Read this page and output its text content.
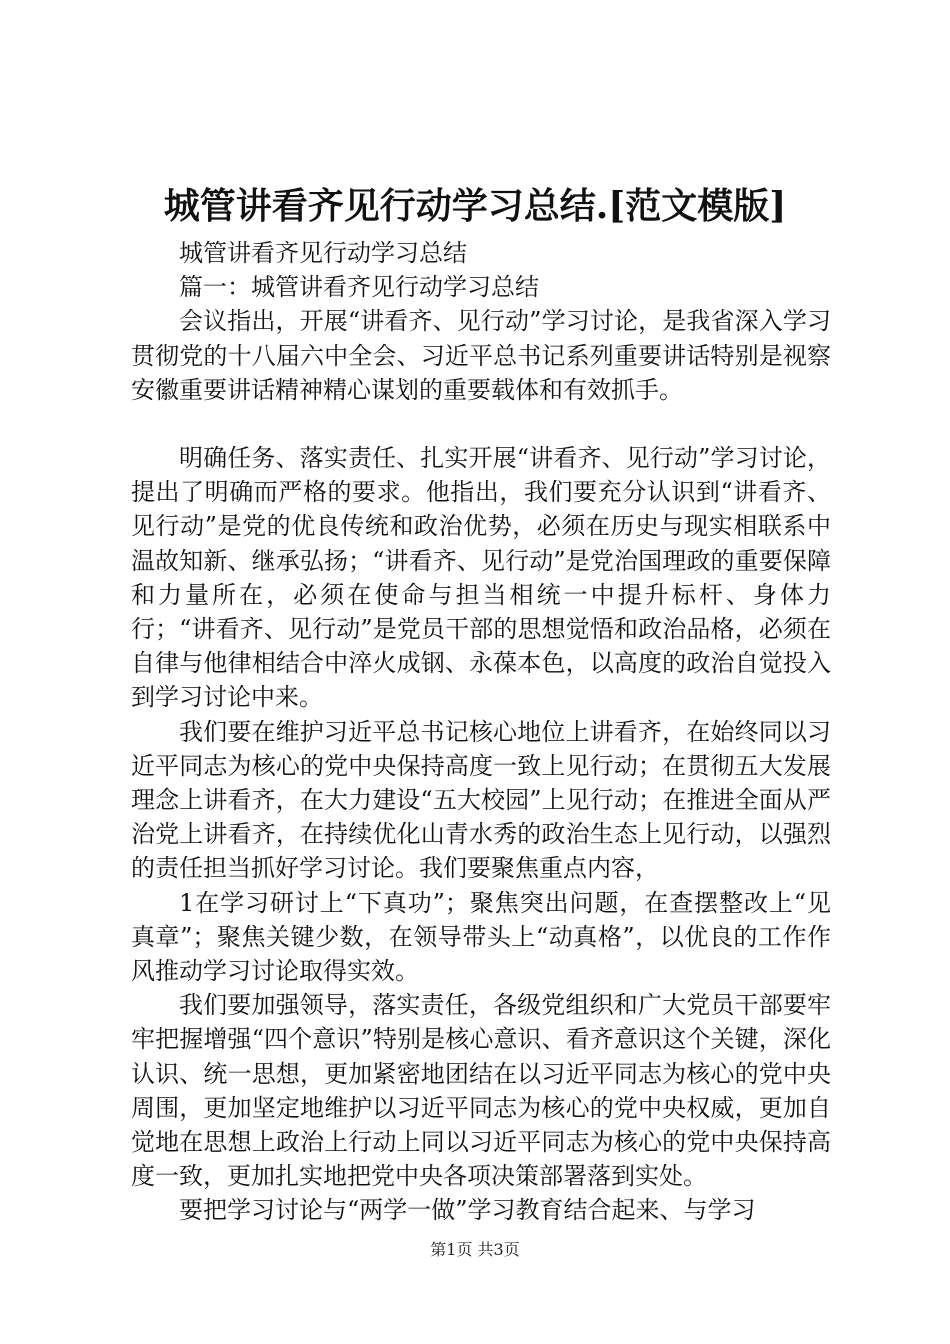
城管讲看齐见行动学习总结.[范文模版]

城管讲看齐见行动学习总结

篇一：城管讲看齐见行动学习总结

会议指出，开展“讲看齐、见行动”学习讨论，是我省深入学习贯彻党的十八届六中全会、习近平总书记系列重要讲话特别是视察安徽重要讲话精神精心谋划的重要载体和有效抓手。

明确任务、落实责任、扎实开展“讲看齐、见行动”学习讨论，提出了明确而严格的要求。他指出，我们要充分认识到“讲看齐、见行动”是党的优良传统和政治优势，必须在历史与现实相联系中温故知新、继承弘扬；“讲看齐、见行动”是党治国理政的重要保障和力量所在，必须在使命与担当相统一中提升标杆、身体力行；“讲看齐、见行动”是党员干部的思想觉悟和政治品格，必须在自律与他律相结合中淬火成钢、永葆本色，以高度的政治自觉投入到学习讨论中来。

我们要在维护习近平总书记核心地位上讲看齐，在始终同以习近平同志为核心的党中央保持高度一致上见行动；在贯彻五大发展理念上讲看齐，在大力建设“五大校园”上见行动；在推进全面从严治党上讲看齐，在持续优化山青水秀的政治生态上见行动，以强烈的责任担当抓好学习讨论。我们要聚焦重点内容，

1在学习研讨上“下真功”；聚焦突出问题，在查摆整改上“见真章”；聚焦关键少数，在领导带头上“动真格”，以优良的工作作风推动学习讨论取得实效。

我们要加强领导，落实责任，各级党组织和广大党员干部要牢牢把握增强“四个意识”特别是核心意识、看齐意识这个关键，深化认识、统一思想，更加紧密地团结在以习近平同志为核心的党中央周围，更加坚定地维护以习近平同志为核心的党中央权威，更加自觉地在思想上政治上行动上同以习近平同志为核心的党中央保持高度一致，更加扎实地把党中央各项决策部署落到实处。

要把学习讨论与“两学一做”学习教育结合起来、与学习

第1页 共3页
